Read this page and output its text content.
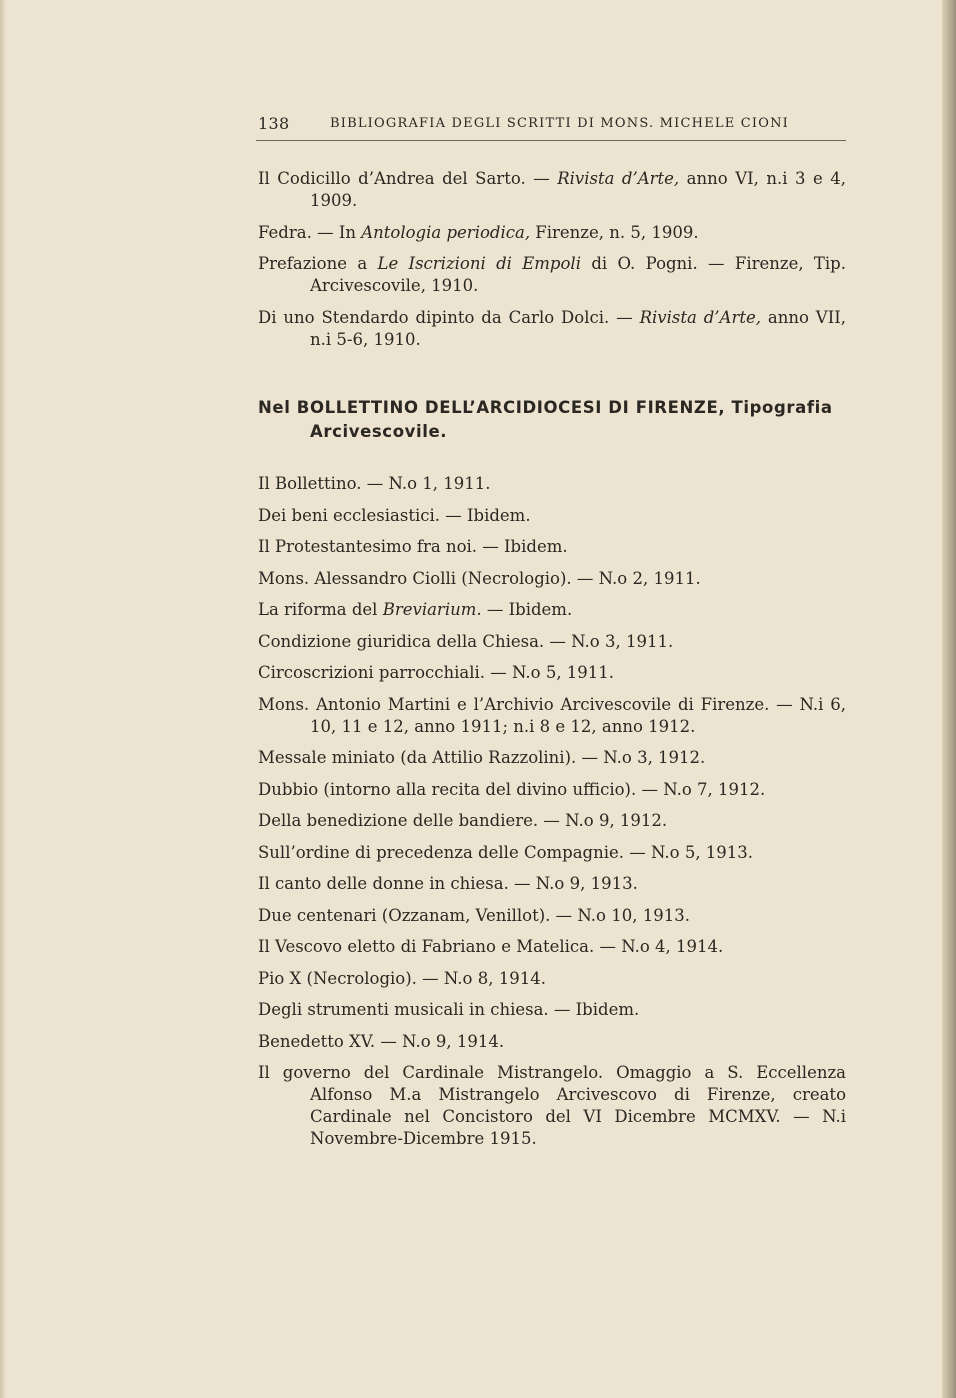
138	BIBLIOGRAFIA DEGLI SCRITTI DI MONS. MICHELE CIONI
Il Codicillo d’Andrea del Sarto. — Rivista d’Arte, anno VI, n.i 3 e 4, 1909.
Fedra. — In Antologia periodica, Firenze, n. 5, 1909.
Prefazione a Le Iscrizioni di Empoli di O. Pogni. — Firenze, Tip. Arcivescovile, 1910.
Di uno Stendardo dipinto da Carlo Dolci. — Rivista d’Arte, anno VII, n.i 5-6, 1910.
Nel BOLLETTINO DELL’ARCIDIOCESI DI FIRENZE, Tipografia Arcivescovile.
Il Bollettino. — N.o 1, 1911.
Dei beni ecclesiastici. — Ibidem.
Il Protestantesimo fra noi. — Ibidem.
Mons. Alessandro Ciolli (Necrologio). — N.o 2, 1911.
La riforma del Breviarium. — Ibidem.
Condizione giuridica della Chiesa. — N.o 3, 1911.
Circoscrizioni parrocchiali. — N.o 5, 1911.
Mons. Antonio Martini e l’Archivio Arcivescovile di Firenze. — N.i 6, 10, 11 e 12, anno 1911; n.i 8 e 12, anno 1912.
Messale miniato (da Attilio Razzolini). — N.o 3, 1912.
Dubbio (intorno alla recita del divino ufficio). — N.o 7, 1912.
Della benedizione delle bandiere. — N.o 9, 1912.
Sull’ordine di precedenza delle Compagnie. — N.o 5, 1913.
Il canto delle donne in chiesa. — N.o 9, 1913.
Due centenari (Ozzanam, Venillot). — N.o 10, 1913.
Il Vescovo eletto di Fabriano e Matelica. — N.o 4, 1914.
Pio X (Necrologio). — N.o 8, 1914.
Degli strumenti musicali in chiesa. — Ibidem.
Benedetto XV. — N.o 9, 1914.
Il governo del Cardinale Mistrangelo. Omaggio a S. Eccellenza Alfonso M.a Mistrangelo Arcivescovo di Firenze, creato Cardinale nel Concistoro del VI Dicembre MCMXV. — N.i Novembre-Dicembre 1915.
